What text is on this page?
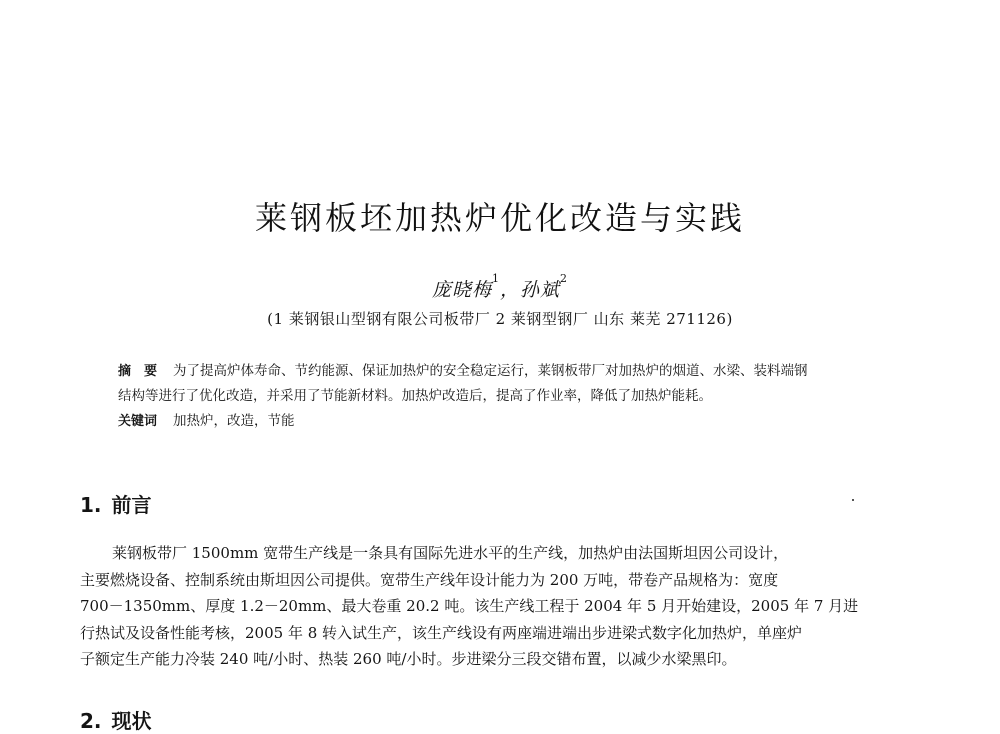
莱钢板坯加热炉优化改造与实践
庞晓梅$^1$，孙斌$^2$
(1 莱钢银山型钢有限公司板带厂 2 莱钢型钢厂 山东 莱芜 271126)
摘　要 为了提高炉体寿命、节约能源、保证加热炉的安全稳定运行，莱钢板带厂对加热炉的烟道、水梁、装料端钢
结构等进行了优化改造，并采用了节能新材料。加热炉改造后，提高了作业率，降低了加热炉能耗。
关键词 加热炉，改造，节能
1. 前言
莱钢板带厂 1500mm 宽带生产线是一条具有国际先进水平的生产线，加热炉由法国斯坦因公司设计，
主要燃烧设备、控制系统由斯坦因公司提供。宽带生产线年设计能力为 200 万吨，带卷产品规格为：宽度
700－1350mm、厚度 1.2－20mm、最大卷重 20.2 吨。该生产线工程于 2004 年 5 月开始建设，2005 年 7 月进
行热试及设备性能考核，2005 年 8 转入试生产，该生产线设有两座端进端出步进梁式数字化加热炉，单座炉
子额定生产能力冷装 240 吨/小时、热装 260 吨/小时。步进梁分三段交错布置，以减少水梁黑印。
2. 现状
